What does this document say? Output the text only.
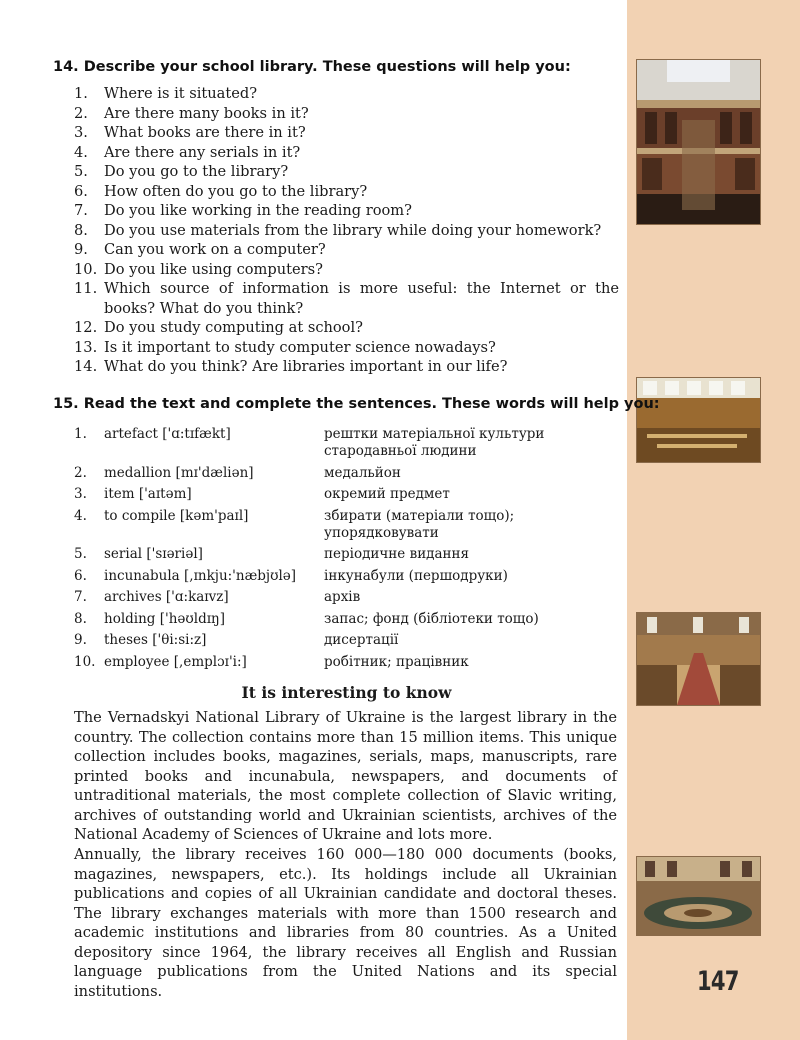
14. Describe your school library. These questions will help you:
1.	Where is it situated?
2.	Are there many books in it?
3.	What books are there in it?
4.	Are there any serials in it?
5.	Do you go to the library?
6.	How often do you go to the library?
7.	Do you like working in the reading room?
8.	Do you use materials from the library while doing your homework?
9.	Can you work on a computer?
10. Do you like using computers?
11. Which source of information is more useful: the Internet or the books? What do you think?
12. Do you study computing at school?
13. Is it important to study computer science nowadays?
14. What do you think? Are libraries important in our life?
15. Read the text and complete the sentences. These words will help you:
1.	artefact ['ɑ:tɪfækt]	рештки матеріальної культури стародавньої людини
2.	medallion [mɪ'dæliən]	медальйон
3.	item ['aɪtəm]	окремий предмет
4.	to compile [kəm'paɪl]	збирати (матеріали тощо); упорядковувати
5.	serial ['sɪəriəl]	періодичне видання
6.	incunabula [,ɪnkju:'næbjʊlə]	інкунабули (першодруки)
7.	archives ['ɑ:kaɪvz]	архів
8.	holding ['həʊldɪŋ]	запас; фонд (бібліотеки тощо)
9.	theses ['θi:si:z]	дисертації
10. employee [,emplɔɪ'i:]	робітник; працівник
It is interesting to know
The Vernadskyi National Library of Ukraine is the largest library in the country. The collection contains more than 15 million items. This unique collection includes books, magazines, serials, maps, manuscripts, rare printed books and incunabula, newspapers, and documents of untraditional materials, the most complete collection of Slavic writing, archives of outstanding world and Ukrainian scientists, archives of the National Academy of Sciences of Ukraine and lots more.
Annually, the library receives 160 000—180 000 documents (books, magazines, newspapers, etc.). Its holdings include all Ukrainian publications and copies of all Ukrainian candidate and doctoral theses. The library exchanges materials with more than 1500 research and academic institutions and libraries from 80 countries. As a United depository since 1964, the library receives all English and Russian language publications from the United Nations and its special institutions.	147
